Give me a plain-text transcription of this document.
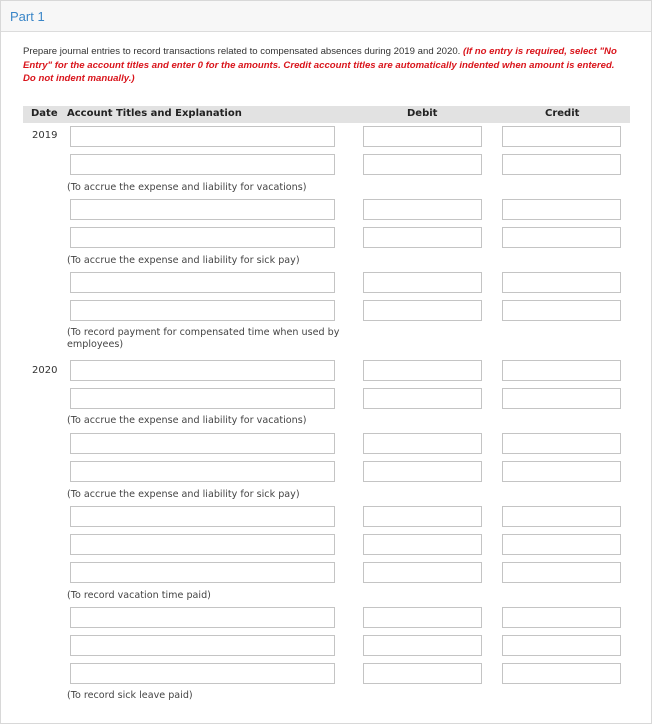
Part 1
Prepare journal entries to record transactions related to compensated absences during 2019 and 2020. (If no entry is required, select "No Entry" for the account titles and enter 0 for the amounts. Credit account titles are automatically indented when amount is entered. Do not indent manually.)
Date Account Titles and Explanation	Debit	Credit
2019
2020
(To accrue the expense and liability for vacations)
(To accrue the expense and liability for sick pay)
(To record payment for compensated time when used by employees)
(To accrue the expense and liability for vacations)
(To accrue the expense and liability for sick pay)
(To record vacation time paid)
(To record sick leave paid)
